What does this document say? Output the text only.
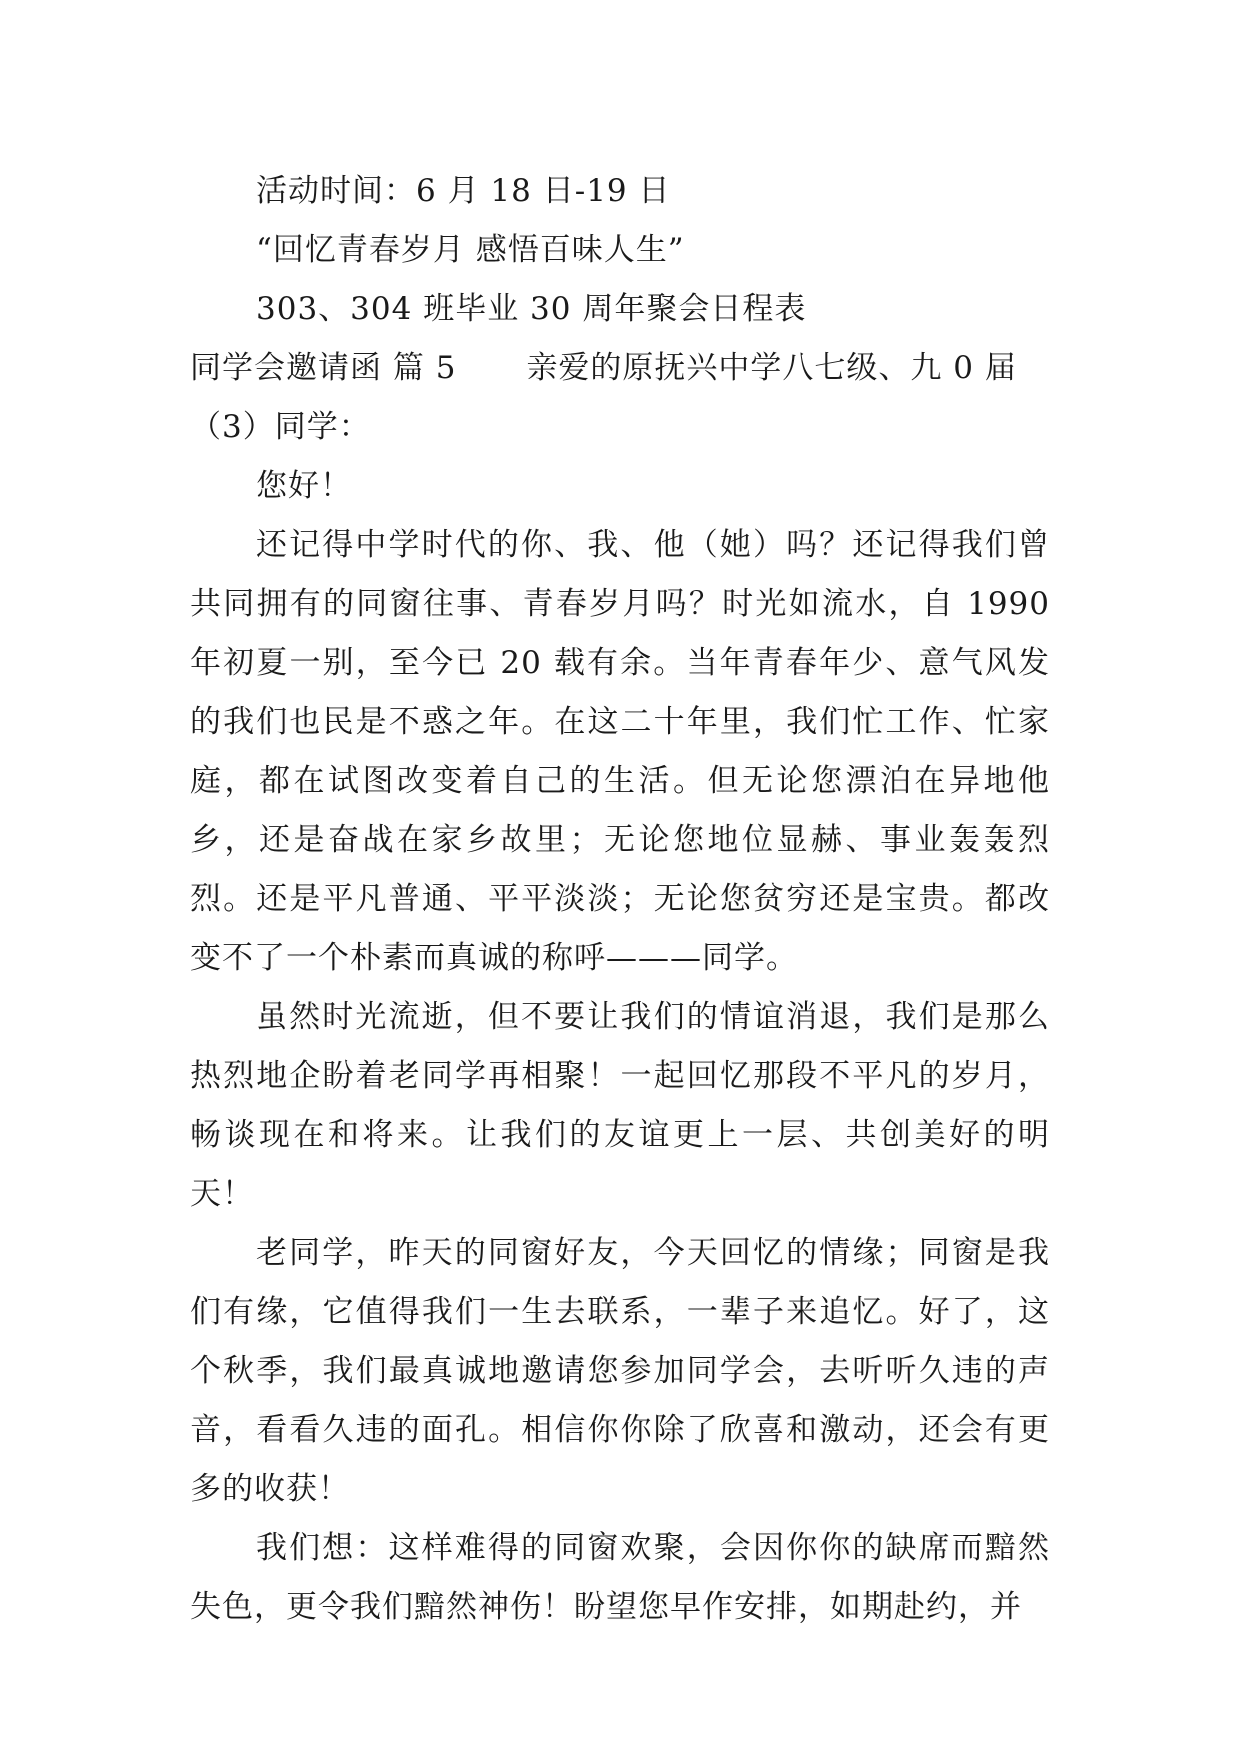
活动时间：6 月 18 日-19 日
“回忆青春岁月 感悟百味人生”
303、304 班毕业 30 周年聚会日程表
同学会邀请函 篇 5 亲爱的原抚兴中学八七级、九 0 届
（3）同学：
您好！

还记得中学时代的你、我、他（她）吗？还记得我们曾共同拥有的同窗往事、青春岁月吗？时光如流水，自 1990 年初夏一别，至今已 20 载有余。当年青春年少、意气风发的我们也民是不惑之年。在这二十年里，我们忙工作、忙家庭，都在试图改变着自己的生活。但无论您漂泊在异地他乡，还是奋战在家乡故里；无论您地位显赫、事业轰轰烈烈。还是平凡普通、平平淡淡；无论您贫穷还是宝贵。都改变不了一个朴素而真诚的称呼———同学。

虽然时光流逝，但不要让我们的情谊消退，我们是那么热烈地企盼着老同学再相聚！一起回忆那段不平凡的岁月，畅谈现在和将来。让我们的友谊更上一层、共创美好的明天！

老同学，昨天的同窗好友，今天回忆的情缘；同窗是我们有缘，它值得我们一生去联系，一辈子来追忆。好了，这个秋季，我们最真诚地邀请您参加同学会，去听听久违的声音，看看久违的面孔。相信你你除了欣喜和激动，还会有更多的收获！

我们想：这样难得的同窗欢聚，会因你你的缺席而黯然失色，更令我们黯然神伤！盼望您早作安排，如期赴约，并
